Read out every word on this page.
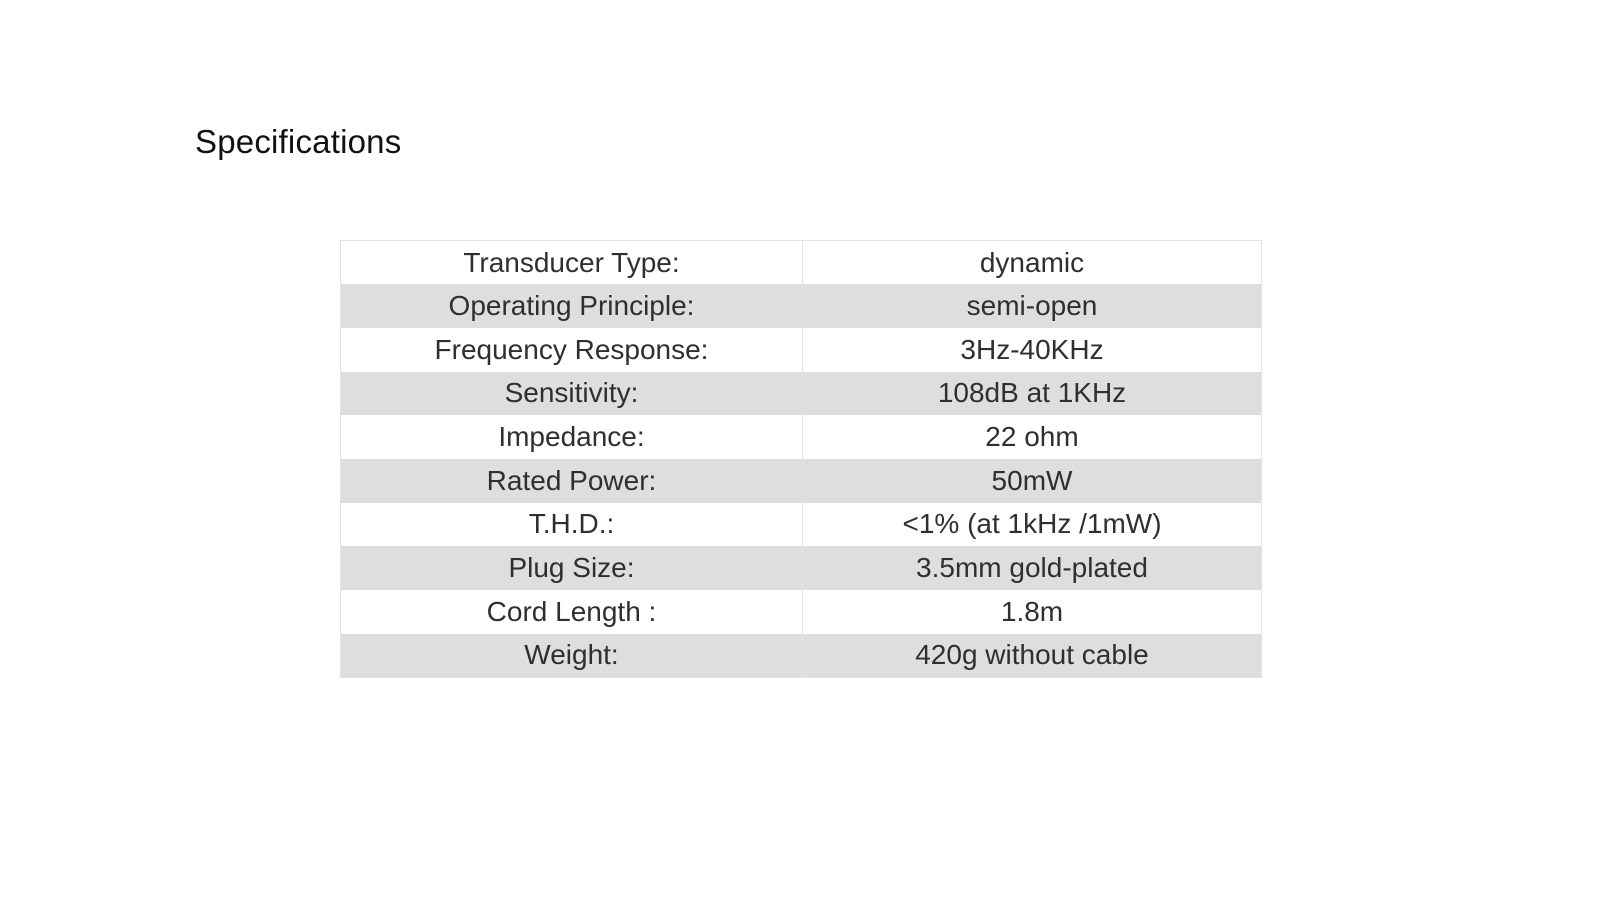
Specifications
Transducer Type:	dynamic
Operating Principle:	semi-open
Frequency Response:	3Hz-40KHz
Sensitivity:	108dB at 1KHz
Impedance:	22 ohm
Rated Power:	50mW
T.H.D.:	<1% (at 1kHz /1mW)
Plug Size:	3.5mm gold-plated
Cord Length :	1.8m
Weight:	420g without cable
